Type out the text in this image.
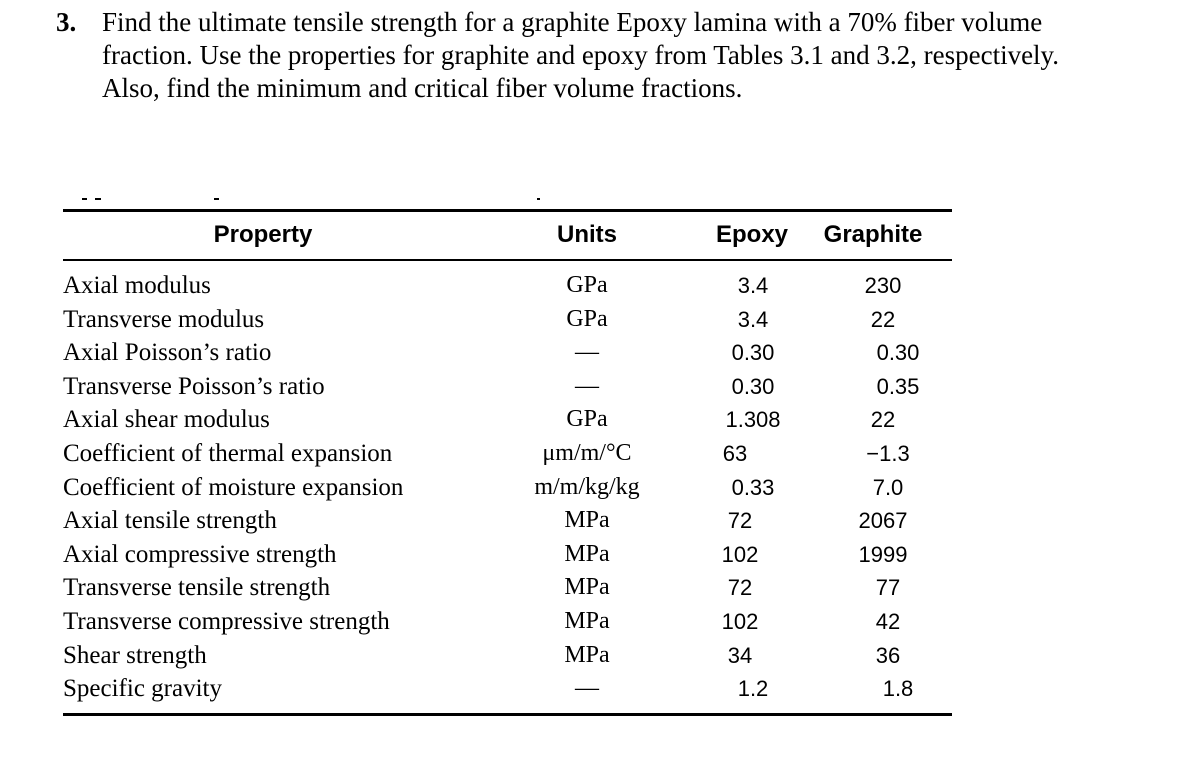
3. Find the ultimate tensile strength for a graphite Epoxy lamina with a 70% fiber volume
fraction. Use the properties for graphite and epoxy from Tables 3.1 and 3.2, respectively.
Also, find the minimum and critical fiber volume fractions.
Property	Units	Epoxy	Graphite
Axial modulus	GPa	3.4	230
Transverse modulus	GPa	3.4	22
Axial Poisson’s ratio	—	0.30	0.30
Transverse Poisson’s ratio	—	0.30	0.35
Axial shear modulus	GPa	1.308	22
Coefficient of thermal expansion	μm/m/°C	63	−1.3
Coefficient of moisture expansion	m/m/kg/kg	0.33	7.0
Axial tensile strength	MPa	72	2067
Axial compressive strength	MPa	102	1999
Transverse tensile strength	MPa	72	77
Transverse compressive strength	MPa	102	42
Shear strength	MPa	34	36
Specific gravity	—	1.2	1.8
